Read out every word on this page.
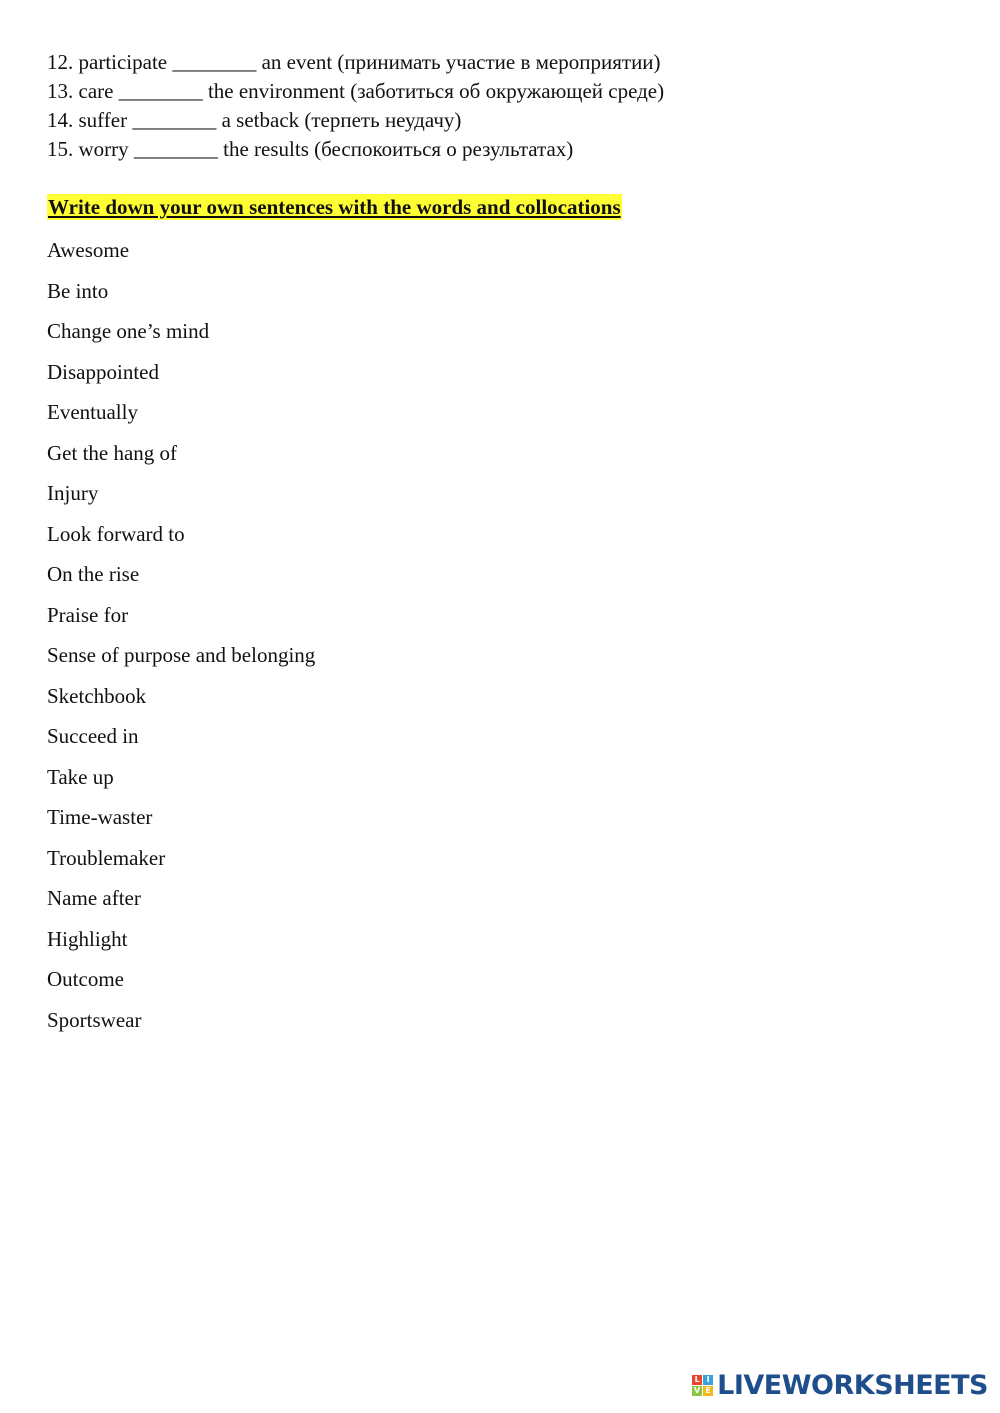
12. participate ________ an event (принимать участие в мероприятии)
13. care ________ the environment (заботиться об окружающей среде)
14. suffer ________ a setback (терпеть неудачу)
15. worry ________ the results (беспокоиться о результатах)
Write down your own sentences with the words and collocations
Awesome
Be into
Change one’s mind
Disappointed
Eventually
Get the hang of
Injury
Look forward to
On the rise
Praise for
Sense of purpose and belonging
Sketchbook
Succeed in
Take up
Time-waster
Troublemaker
Name after
Highlight
Outcome
Sportswear
L I
V E LIVEWORKSHEETS
